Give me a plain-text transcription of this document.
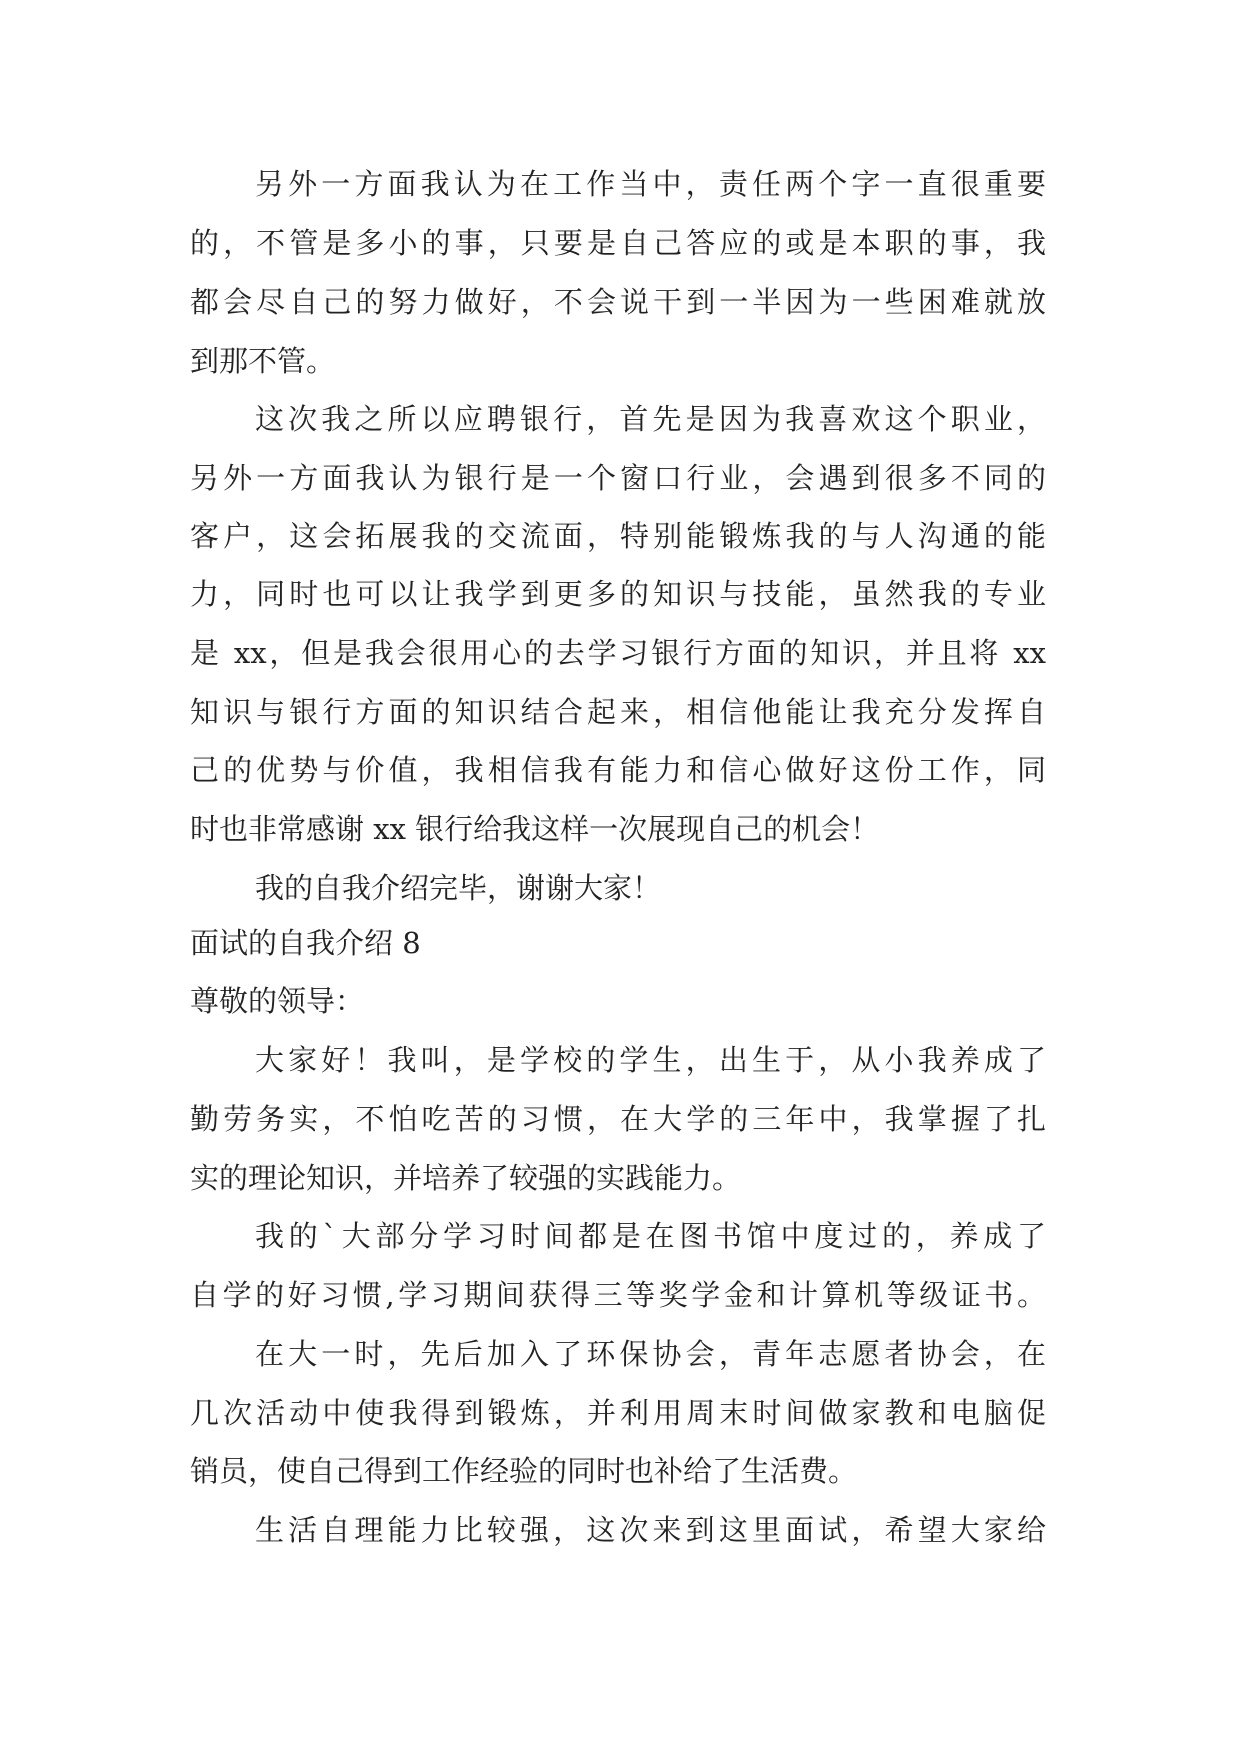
另外一方面我认为在工作当中，责任两个字一直很重要

的，不管是多小的事，只要是自己答应的或是本职的事，我

都会尽自己的努力做好，不会说干到一半因为一些困难就放

到那不管。

这次我之所以应聘银行，首先是因为我喜欢这个职业，

另外一方面我认为银行是一个窗口行业，会遇到很多不同的

客户，这会拓展我的交流面，特别能锻炼我的与人沟通的能

力，同时也可以让我学到更多的知识与技能，虽然我的专业

是 xx，但是我会很用心的去学习银行方面的知识，并且将 xx

知识与银行方面的知识结合起来，相信他能让我充分发挥自

己的优势与价值，我相信我有能力和信心做好这份工作，同

时也非常感谢 xx 银行给我这样一次展现自己的机会！

我的自我介绍完毕，谢谢大家！

面试的自我介绍 8

尊敬的领导：

大家好！我叫，是学校的学生，出生于，从小我养成了

勤劳务实，不怕吃苦的习惯，在大学的三年中，我掌握了扎

实的理论知识，并培养了较强的实践能力。

我的`大部分学习时间都是在图书馆中度过的，养成了

自学的好习惯,学习期间获得三等奖学金和计算机等级证书。

在大一时，先后加入了环保协会，青年志愿者协会，在

几次活动中使我得到锻炼，并利用周末时间做家教和电脑促

销员，使自己得到工作经验的同时也补给了生活费。

生活自理能力比较强，这次来到这里面试，希望大家给
